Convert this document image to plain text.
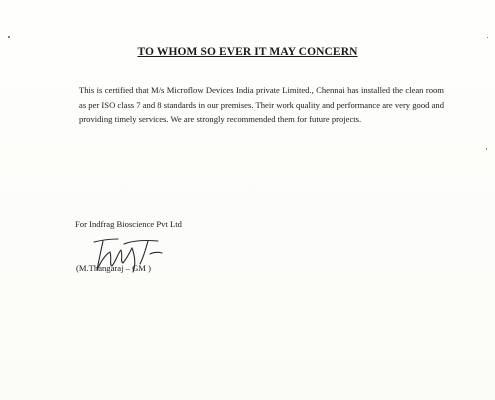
TO WHOM SO EVER IT MAY CONCERN

This is certified that M/s Microflow Devices India private Limited., Chennai has installed the clean room as per ISO class 7 and 8 standards in our premises. Their work quality and performance are very good and providing timely services. We are strongly recommended them for future projects.

For Indfrag Bioscience Pvt Ltd
(M.Thangaraj – GM )
